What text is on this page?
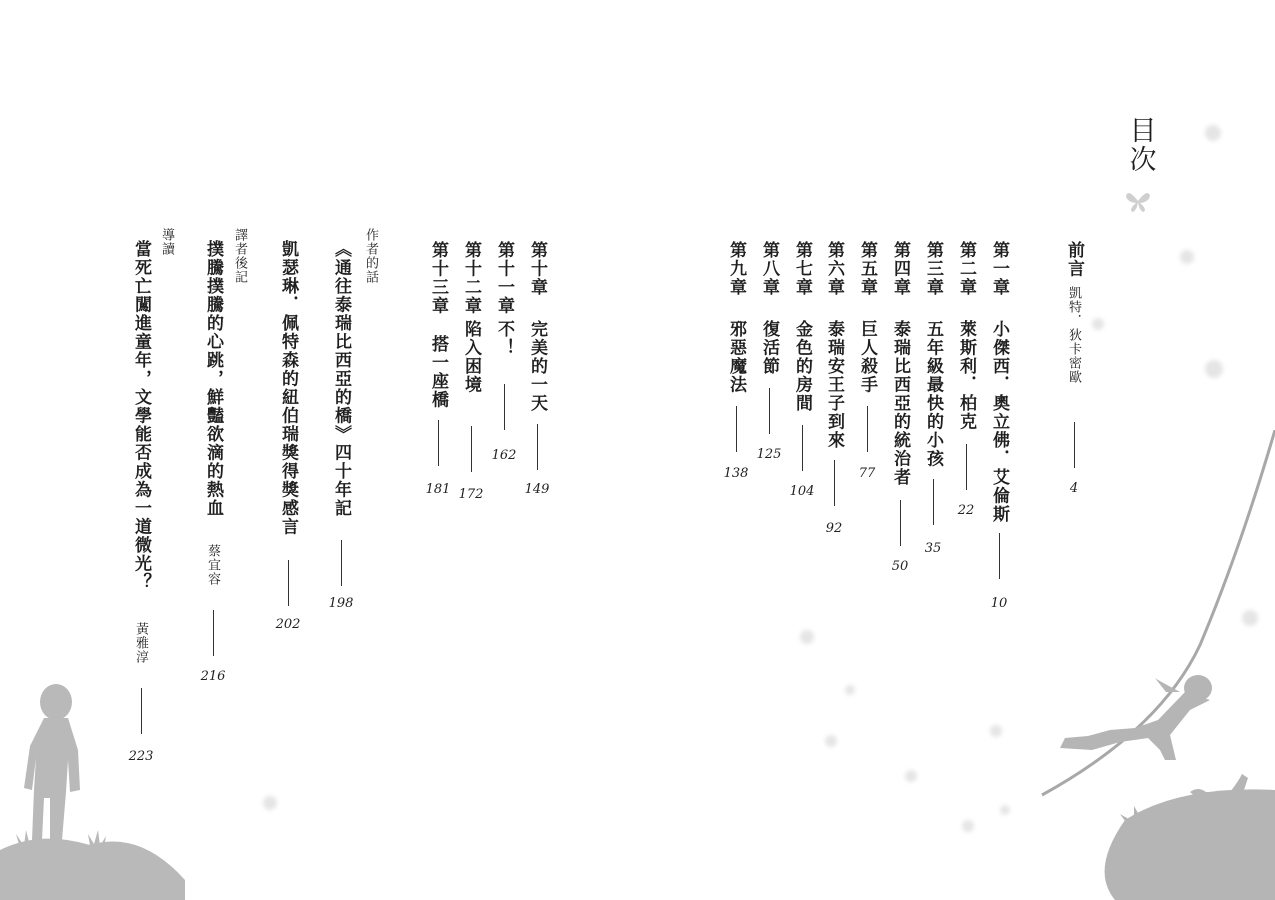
目次
前言
凱特．狄卡密歐
4
第一章
小傑西．奧立佛．艾倫斯
10
第二章
萊斯利．柏克
22
第三章
五年級最快的小孩
35
第四章
泰瑞比西亞的統治者
50
第五章
巨人殺手
77
第六章
泰瑞安王子到來
92
第七章
金色的房間
104
第八章
復活節
125
第九章
邪惡魔法
138
第十章
完美的一天
149
第十一章
不！
162
第十二章
陷入困境
172
第十三章
搭一座橋
181
作者的話
《通往泰瑞比西亞的橋》四十年記
198
凱瑟琳．佩特森的紐伯瑞獎得獎感言
202
譯者後記
撲騰撲騰的心跳，鮮豔欲滴的熱血
蔡宜容
216
導讀
當死亡闖進童年，文學能否成為一道微光？
黃雅淳
223
